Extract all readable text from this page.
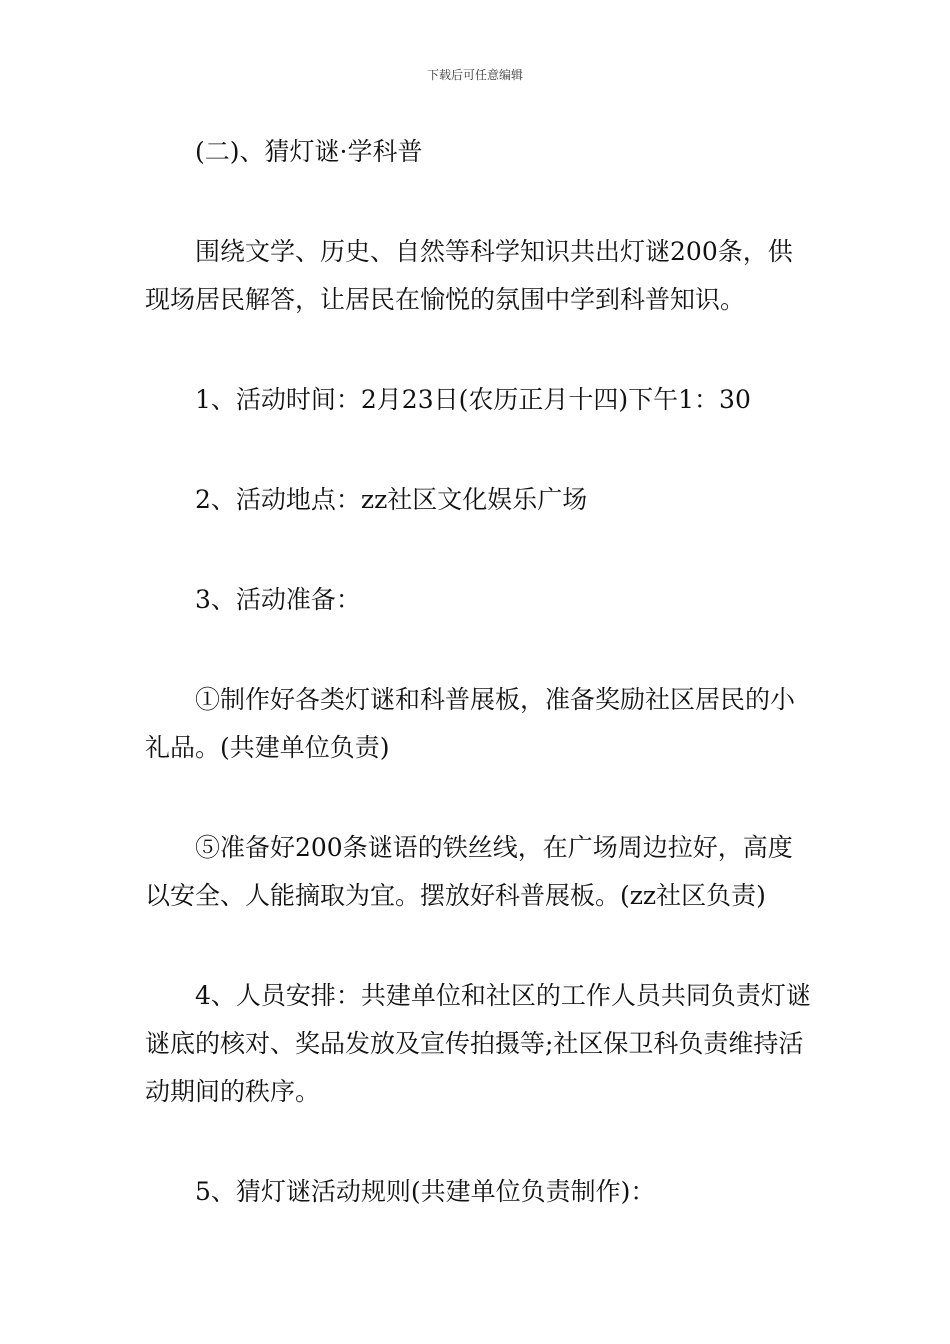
下载后可任意编辑

(二)、猜灯谜·学科普

围绕文学、历史、自然等科学知识共出灯谜200条，供现场居民解答，让居民在愉悦的氛围中学到科普知识。

1、活动时间：2月23日(农历正月十四)下午1：30

2、活动地点：zz社区文化娱乐广场

3、活动准备：

①制作好各类灯谜和科普展板，准备奖励社区居民的小礼品。(共建单位负责)

⑤准备好200条谜语的铁丝线，在广场周边拉好，高度以安全、人能摘取为宜。摆放好科普展板。(zz社区负责)

4、人员安排：共建单位和社区的工作人员共同负责灯谜谜底的核对、奖品发放及宣传拍摄等;社区保卫科负责维持活动期间的秩序。

5、猜灯谜活动规则(共建单位负责制作)：
